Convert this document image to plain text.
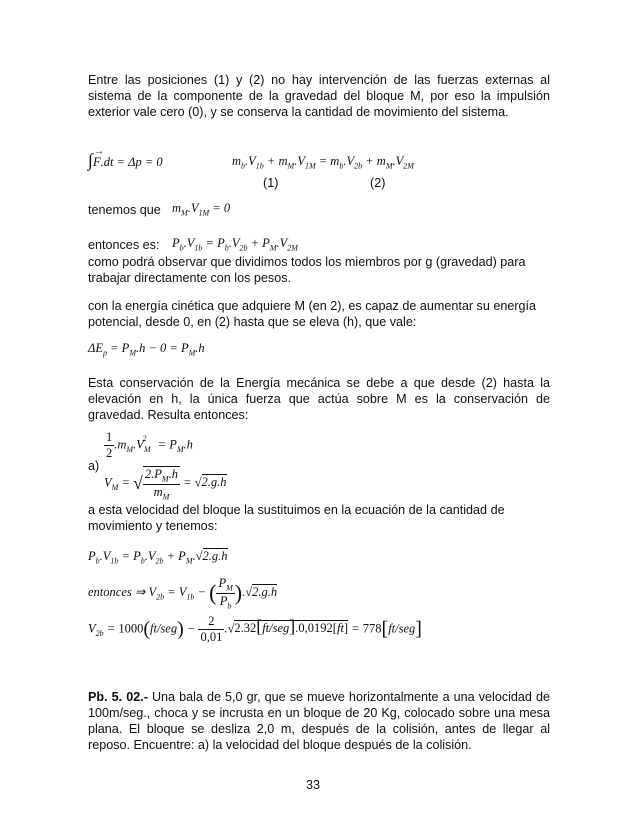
Entre las posiciones (1) y (2) no hay intervención de las fuerzas externas al sistema de la componente de la gravedad del bloque M, por eso la impulsión exterior vale cero (0), y se conserva la cantidad de movimiento del sistema.

∫F
→
.dt = Δp = 0	$m_b.V_{1b} + m_M.V_{1M} = m_b.V_{2b} + m_M.V_{2M}$
(1)	(2)
tenemos que $m_M.V_{1M} = 0$
entonces es: $P_b.V_{1b} = P_b.V_{2b} + P_M.V_{2M}$

como podrá observar que dividimos todos los miembros por g (gravedad) para trabajar directamente con los pesos.

con la energía cinética que adquiere M (en 2), es capaz de aumentar su energía potencial, desde 0, en (2) hasta que se eleva (h), que vale:

$\Delta E_p = P_M.h - 0 = P_M.h$

Esta conservación de la Energía mecánica se debe a que desde (2) hasta la elevación en h, la única fuerza que actúa sobre M es la conservación de gravedad. Resulta entonces:

$\frac{1}{2} .m_M.V_M^2 = P_M.h$
a)
$V_M$ = √ $\frac{2.P_M.h}{m_M} = √2.g.h$

a esta velocidad del bloque la sustituimos en la ecuación de la cantidad de movimiento y tenemos:

$P_b.V_{1b} = P_b.V_{2b} + P_M.√2.g.h$
entonces ⇒ $V_{2b} = V_{1b}$ − ( $\frac{P_M}{P_b} ).√2.g.h$
$V_{2b} = 1000(ft/seg) - \frac{2}{0,01} .√2.32[ft/seg].0,0192[ft] = 778[ft/seg]$

Pb. 5. 02.- Una bala de 5,0 gr, que se mueve horizontalmente a una velocidad de 100m/seg., choca y se incrusta en un bloque de 20 Kg, colocado sobre una mesa plana. El bloque se desliza 2,0 m, después de la colisión, antes de llegar al reposo. Encuentre: a) la velocidad del bloque después de la colisión.

33
